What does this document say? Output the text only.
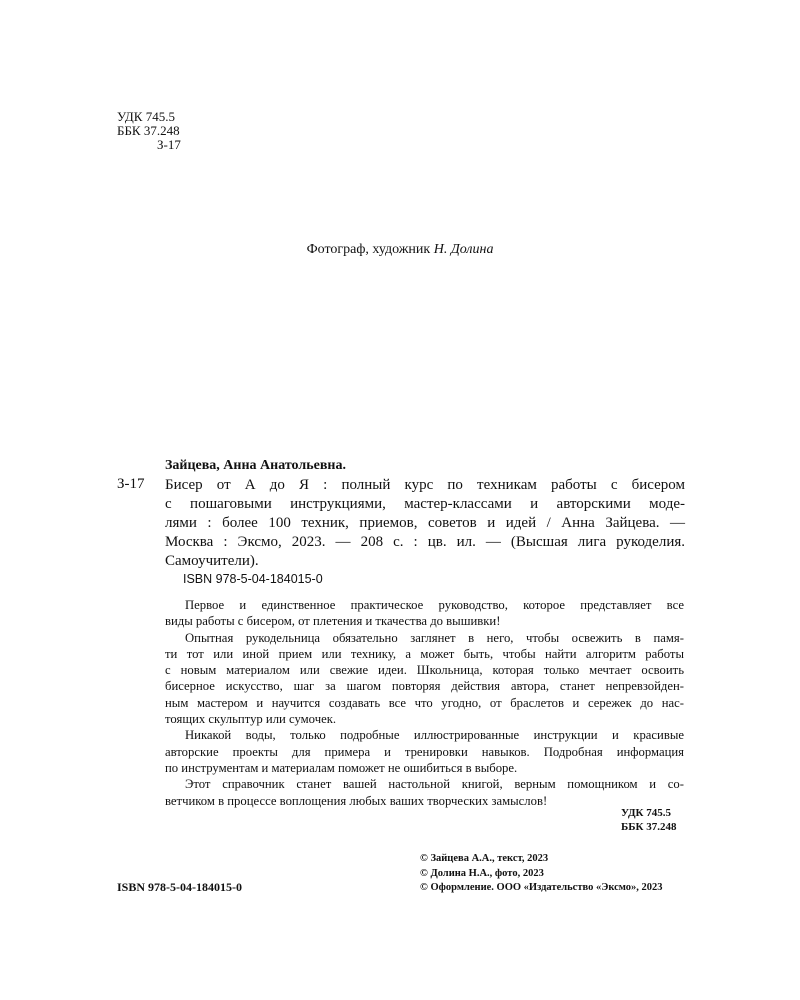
УДК 745.5
ББК 37.248
З-17
Фотограф, художник Н. Долина
Зайцева, Анна Анатольевна.
З-17 Бисер от А до Я : полный курс по техникам работы с бисером
с пошаговыми инструкциями, мастер-классами и авторскими моде-
лями : более 100 техник, приемов, советов и идей / Анна Зайцева. —
Москва : Эксмо, 2023. — 208 с. : цв. ил. — (Высшая лига рукоделия.
Самоучители).
ISBN 978-5-04-184015-0
Первое и единственное практическое руководство, которое представляет все
виды работы с бисером, от плетения и ткачества до вышивки!
Опытная рукодельница обязательно заглянет в него, чтобы освежить в памя-
ти тот или иной прием или технику, а может быть, чтобы найти алгоритм работы
с новым материалом или свежие идеи. Школьница, которая только мечтает освоить
бисерное искусство, шаг за шагом повторяя действия автора, станет непревзойден-
ным мастером и научится создавать все что угодно, от браслетов и сережек до нас-
тоящих скульптур или сумочек.
Никакой воды, только подробные иллюстрированные инструкции и красивые
авторские проекты для примера и тренировки навыков. Подробная информация
по инструментам и материалам поможет не ошибиться в выборе.
Этот справочник станет вашей настольной книгой, верным помощником и со-
ветчиком в процессе воплощения любых ваших творческих замыслов!
УДК 745.5
ББК 37.248
ISBN 978-5-04-184015-0
© Зайцева А.А., текст, 2023
© Долина Н.А., фото, 2023
© Оформление. ООО «Издательство «Эксмо», 2023
